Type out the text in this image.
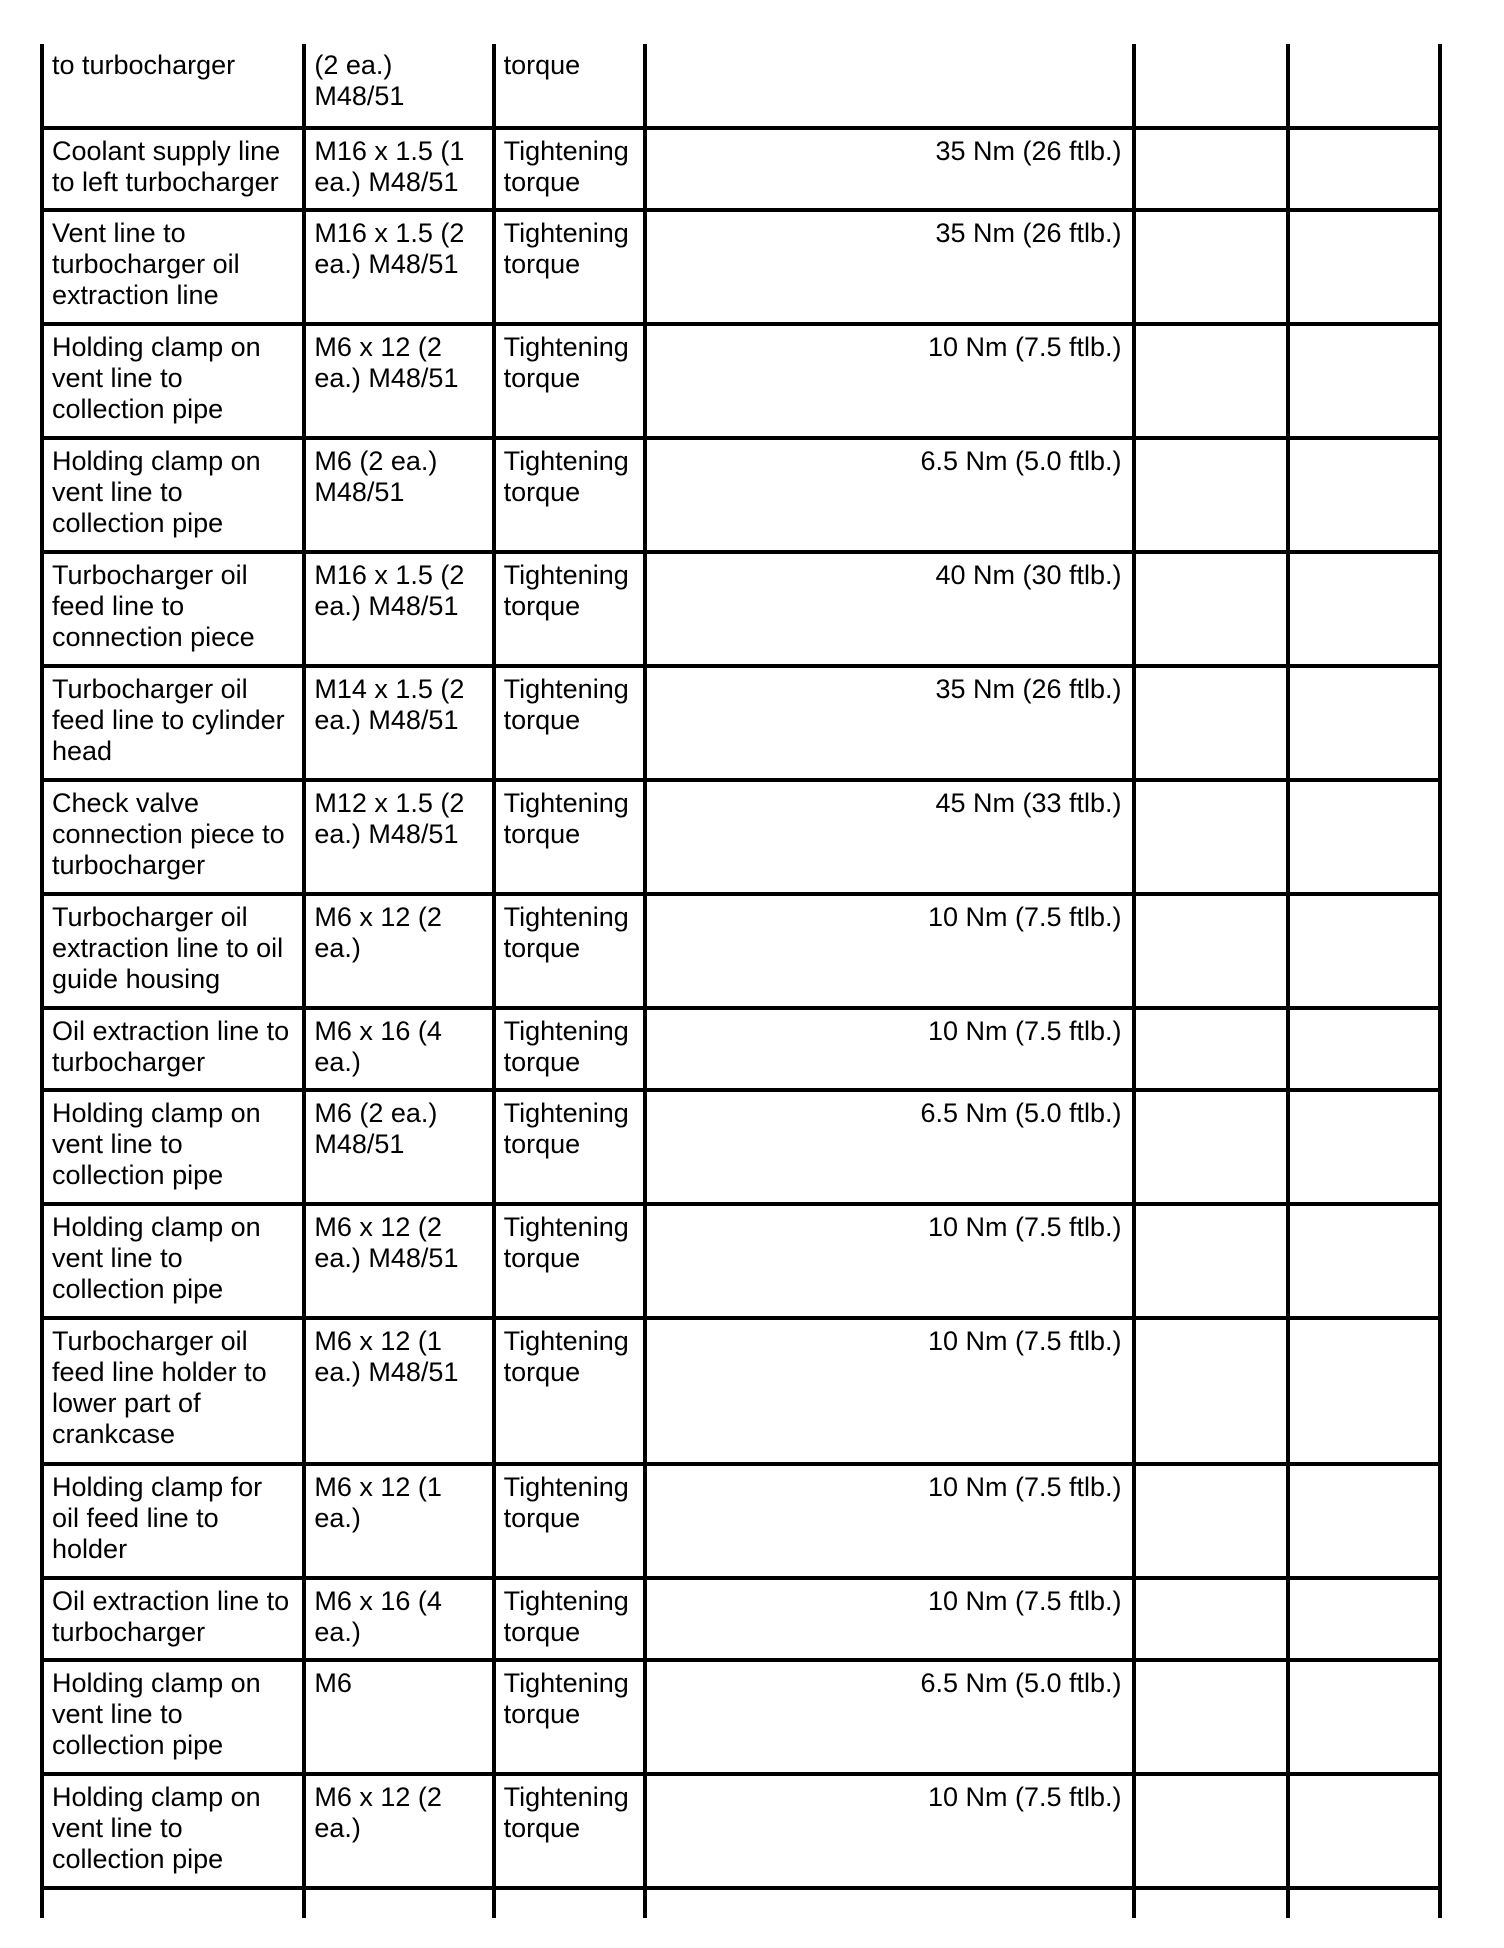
to turbocharger	(2 ea.) M48/51	torque			
Coolant supply line to left turbocharger	M16 x 1.5 (1 ea.) M48/51	Tightening torque	35 Nm (26 ftlb.)		
Vent line to turbocharger oil extraction line	M16 x 1.5 (2 ea.) M48/51	Tightening torque	35 Nm (26 ftlb.)		
Holding clamp on vent line to collection pipe	M6 x 12 (2 ea.) M48/51	Tightening torque	10 Nm (7.5 ftlb.)		
Holding clamp on vent line to collection pipe	M6 (2 ea.) M48/51	Tightening torque	6.5 Nm (5.0 ftlb.)		
Turbocharger oil feed line to connection piece	M16 x 1.5 (2 ea.) M48/51	Tightening torque	40 Nm (30 ftlb.)		
Turbocharger oil feed line to cylinder head	M14 x 1.5 (2 ea.) M48/51	Tightening torque	35 Nm (26 ftlb.)		
Check valve connection piece to turbocharger	M12 x 1.5 (2 ea.) M48/51	Tightening torque	45 Nm (33 ftlb.)		
Turbocharger oil extraction line to oil guide housing	M6 x 12 (2 ea.)	Tightening torque	10 Nm (7.5 ftlb.)		
Oil extraction line to turbocharger	M6 x 16 (4 ea.)	Tightening torque	10 Nm (7.5 ftlb.)		
Holding clamp on vent line to collection pipe	M6 (2 ea.) M48/51	Tightening torque	6.5 Nm (5.0 ftlb.)		
Holding clamp on vent line to collection pipe	M6 x 12 (2 ea.) M48/51	Tightening torque	10 Nm (7.5 ftlb.)		
Turbocharger oil feed line holder to lower part of crankcase	M6 x 12 (1 ea.) M48/51	Tightening torque	10 Nm (7.5 ftlb.)		
Holding clamp for oil feed line to holder	M6 x 12 (1 ea.)	Tightening torque	10 Nm (7.5 ftlb.)		
Oil extraction line to turbocharger	M6 x 16 (4 ea.)	Tightening torque	10 Nm (7.5 ftlb.)		
Holding clamp on vent line to collection pipe	M6	Tightening torque	6.5 Nm (5.0 ftlb.)		
Holding clamp on vent line to collection pipe	M6 x 12 (2 ea.)	Tightening torque	10 Nm (7.5 ftlb.)		
